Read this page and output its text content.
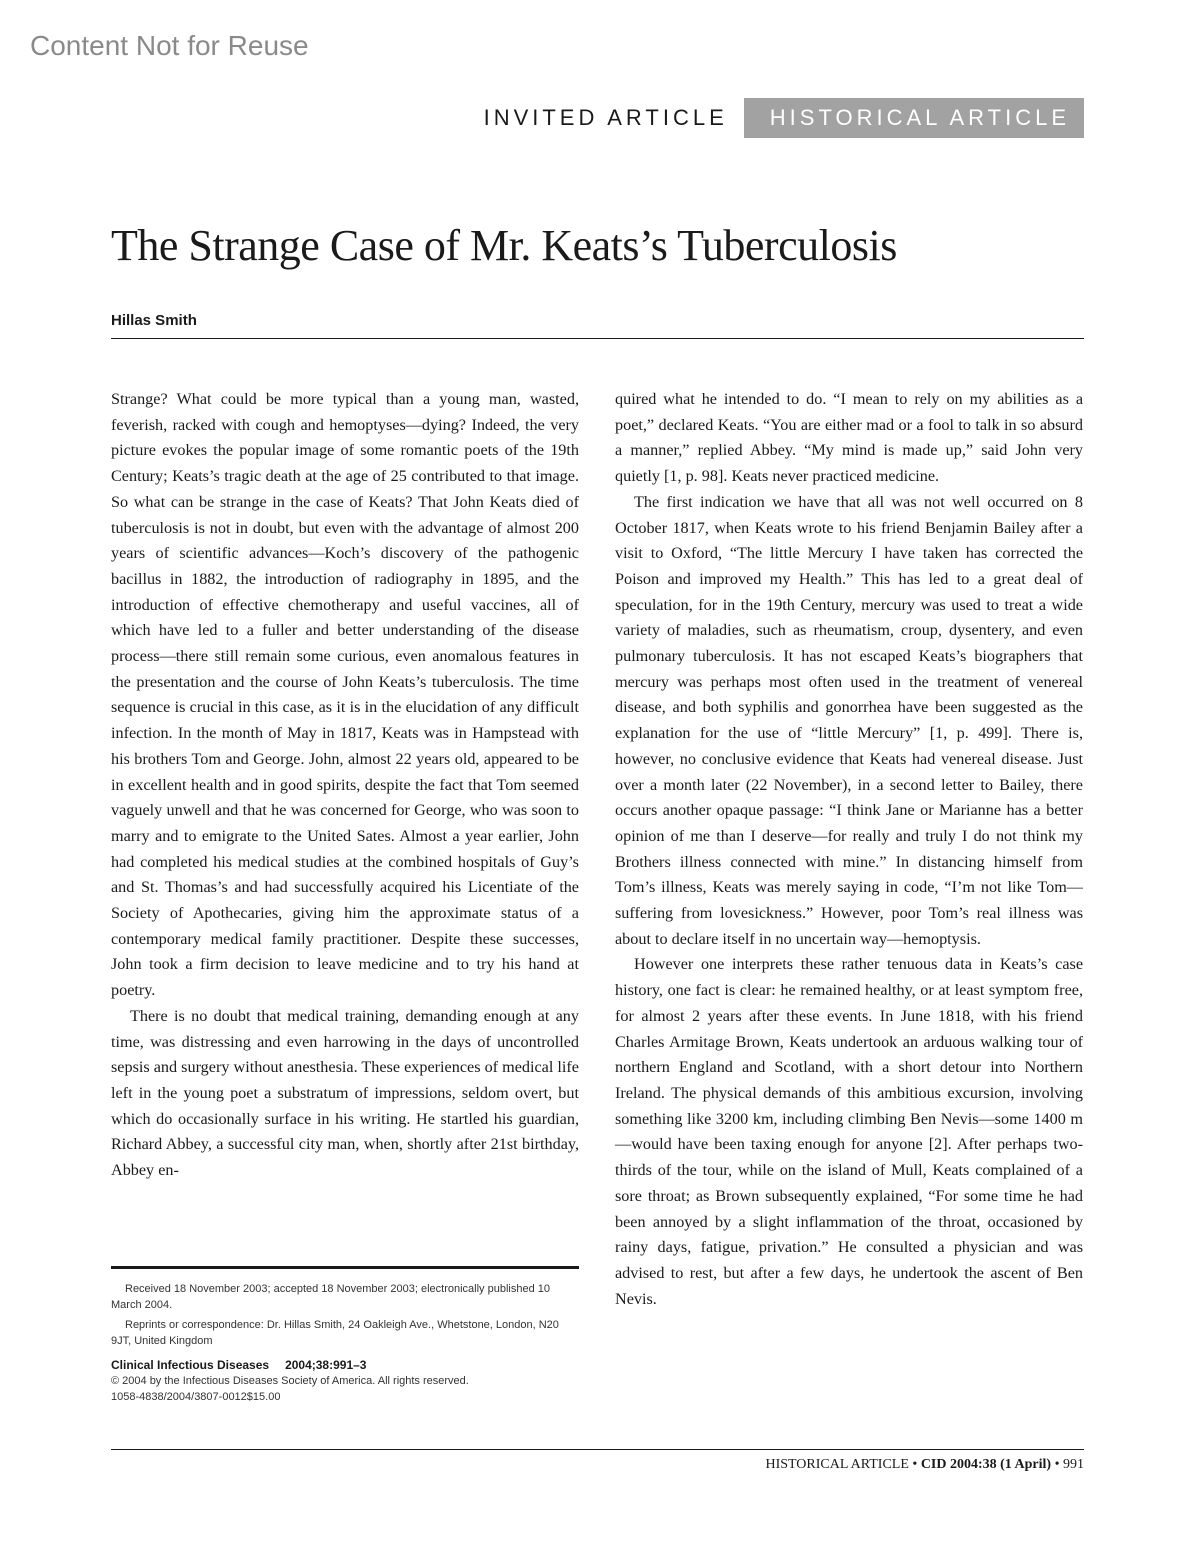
Content Not for Reuse
INVITED ARTICLE	HISTORICAL ARTICLE
The Strange Case of Mr. Keats’s Tuberculosis
Hillas Smith

Strange? What could be more typical than a young man, wasted, feverish, racked with cough and hemoptyses—dying? Indeed, the very picture evokes the popular image of some romantic poets of the 19th Century; Keats’s tragic death at the age of 25 contributed to that image. So what can be strange in the case of Keats? That John Keats died of tuberculosis is not in doubt, but even with the advantage of almost 200 years of scientific advances—Koch’s discovery of the pathogenic bacillus in 1882, the introduction of radiography in 1895, and the introduction of effective chemotherapy and useful vaccines, all of which have led to a fuller and better understanding of the disease process—there still remain some curious, even anomalous features in the presentation and the course of John Keats’s tuberculosis. The time sequence is crucial in this case, as it is in the elucidation of any difficult infection. In the month of May in 1817, Keats was in Hampstead with his brothers Tom and George. John, almost 22 years old, appeared to be in excellent health and in good spirits, despite the fact that Tom seemed vaguely unwell and that he was concerned for George, who was soon to marry and to emigrate to the United Sates. Almost a year earlier, John had completed his medical studies at the combined hospitals of Guy’s and St. Thomas’s and had successfully acquired his Licentiate of the Society of Apothecaries, giving him the approximate status of a contemporary medical family practitioner. Despite these successes, John took a firm decision to leave medicine and to try his hand at poetry.

There is no doubt that medical training, demanding enough at any time, was distressing and even harrowing in the days of uncontrolled sepsis and surgery without anesthesia. These experiences of medical life left in the young poet a substratum of impressions, seldom overt, but which do occasionally surface in his writing. He startled his guardian, Richard Abbey, a successful city man, when, shortly after 21st birthday, Abbey en-

Received 18 November 2003; accepted 18 November 2003; electronically published 10 March 2004.

Reprints or correspondence: Dr. Hillas Smith, 24 Oakleigh Ave., Whetstone, London, N20 9JT, United Kingdom

Clinical Infectious Diseases 2004;38:991–3

© 2004 by the Infectious Diseases Society of America. All rights reserved.

1058-4838/2004/3807-0012$15.00

quired what he intended to do. “I mean to rely on my abilities as a poet,” declared Keats. “You are either mad or a fool to talk in so absurd a manner,” replied Abbey. “My mind is made up,” said John very quietly [1, p. 98]. Keats never practiced medicine.

The first indication we have that all was not well occurred on 8 October 1817, when Keats wrote to his friend Benjamin Bailey after a visit to Oxford, “The little Mercury I have taken has corrected the Poison and improved my Health.” This has led to a great deal of speculation, for in the 19th Century, mercury was used to treat a wide variety of maladies, such as rheumatism, croup, dysentery, and even pulmonary tuberculosis. It has not escaped Keats’s biographers that mercury was perhaps most often used in the treatment of venereal disease, and both syphilis and gonorrhea have been suggested as the explanation for the use of “little Mercury” [1, p. 499]. There is, however, no conclusive evidence that Keats had venereal disease. Just over a month later (22 November), in a second letter to Bailey, there occurs another opaque passage: “I think Jane or Marianne has a better opinion of me than I deserve—for really and truly I do not think my Brothers illness connected with mine.” In distancing himself from Tom’s illness, Keats was merely saying in code, “I’m not like Tom—suffering from lovesickness.” However, poor Tom’s real illness was about to declare itself in no uncertain way—hemoptysis.

However one interprets these rather tenuous data in Keats’s case history, one fact is clear: he remained healthy, or at least symptom free, for almost 2 years after these events. In June 1818, with his friend Charles Armitage Brown, Keats undertook an arduous walking tour of northern England and Scotland, with a short detour into Northern Ireland. The physical demands of this ambitious excursion, involving something like 3200 km, including climbing Ben Nevis—some 1400 m—would have been taxing enough for anyone [2]. After perhaps two-thirds of the tour, while on the island of Mull, Keats complained of a sore throat; as Brown subsequently explained, “For some time he had been annoyed by a slight inflammation of the throat, occasioned by rainy days, fatigue, privation.” He consulted a physician and was advised to rest, but after a few days, he undertook the ascent of Ben Nevis.

HISTORICAL ARTICLE • CID 2004:38 (1 April) • 991
